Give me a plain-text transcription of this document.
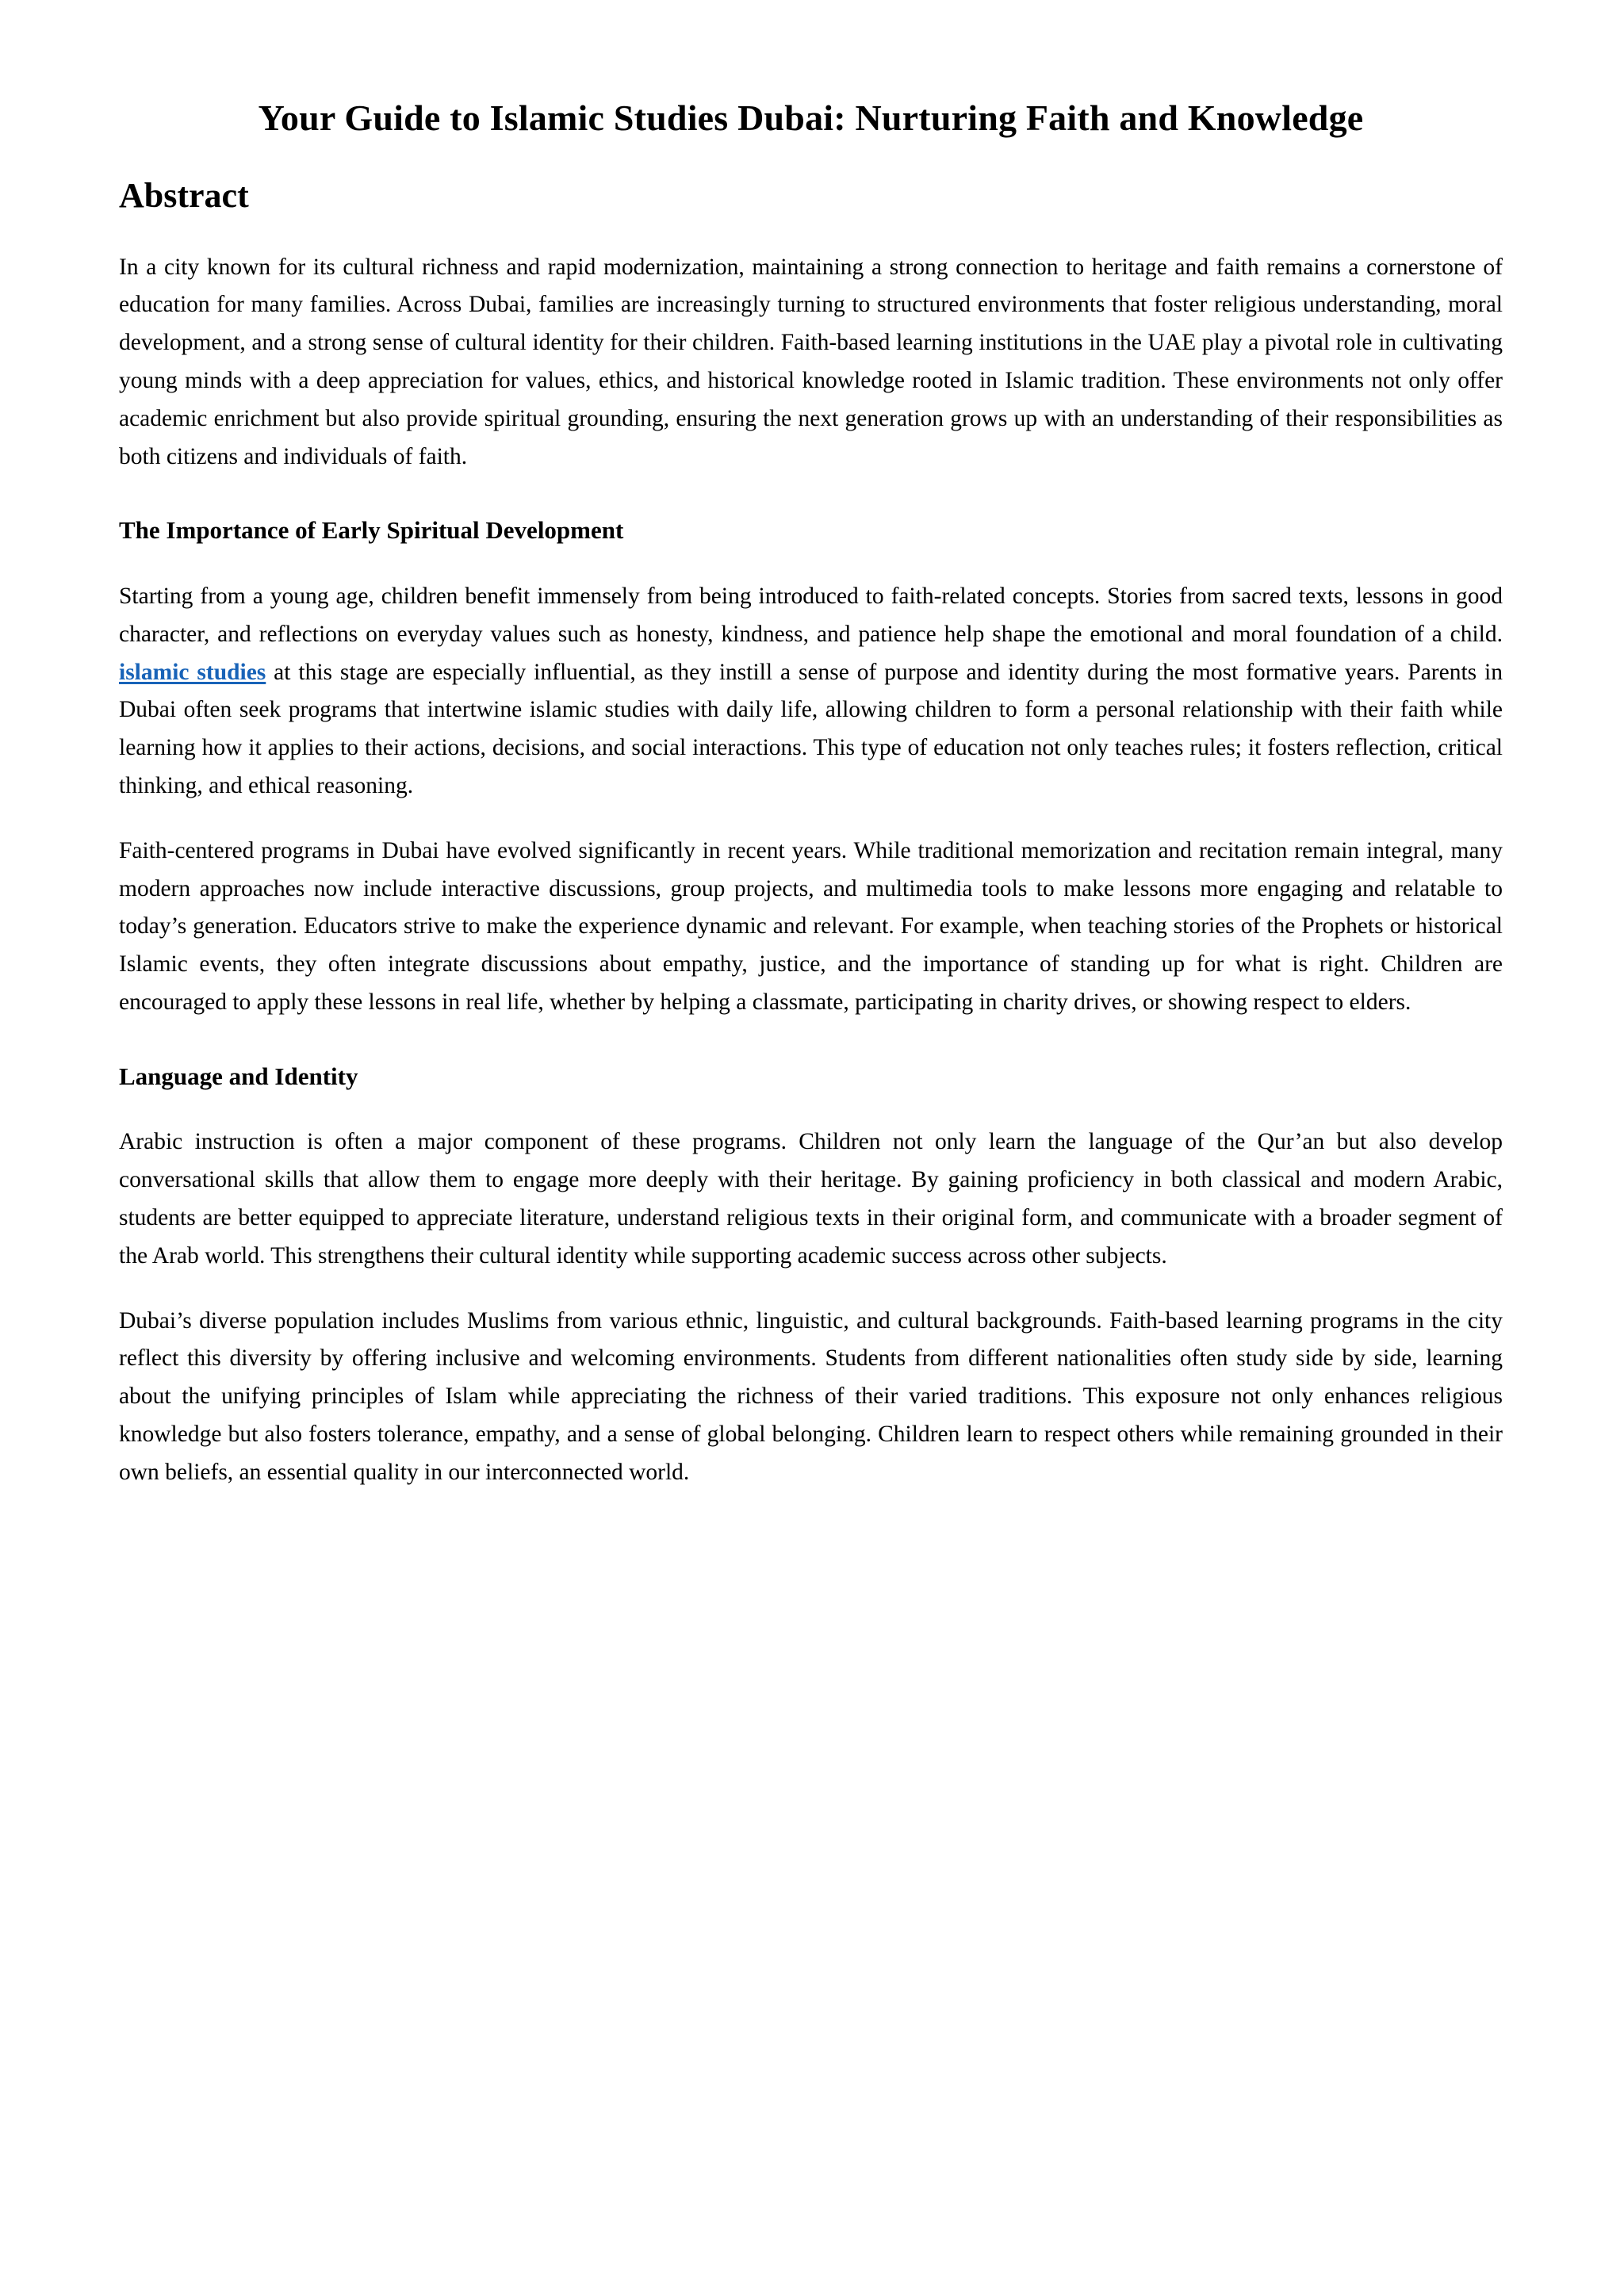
Your Guide to Islamic Studies Dubai: Nurturing Faith and Knowledge
Abstract

In a city known for its cultural richness and rapid modernization, maintaining a strong connection to heritage and faith remains a cornerstone of education for many families. Across Dubai, families are increasingly turning to structured environments that foster religious understanding, moral development, and a strong sense of cultural identity for their children. Faith-based learning institutions in the UAE play a pivotal role in cultivating young minds with a deep appreciation for values, ethics, and historical knowledge rooted in Islamic tradition. These environments not only offer academic enrichment but also provide spiritual grounding, ensuring the next generation grows up with an understanding of their responsibilities as both citizens and individuals of faith.

The Importance of Early Spiritual Development

Starting from a young age, children benefit immensely from being introduced to faith-related concepts. Stories from sacred texts, lessons in good character, and reflections on everyday values such as honesty, kindness, and patience help shape the emotional and moral foundation of a child. islamic studies at this stage are especially influential, as they instill a sense of purpose and identity during the most formative years. Parents in Dubai often seek programs that intertwine islamic studies with daily life, allowing children to form a personal relationship with their faith while learning how it applies to their actions, decisions, and social interactions. This type of education not only teaches rules; it fosters reflection, critical thinking, and ethical reasoning.

Faith-centered programs in Dubai have evolved significantly in recent years. While traditional memorization and recitation remain integral, many modern approaches now include interactive discussions, group projects, and multimedia tools to make lessons more engaging and relatable to today’s generation. Educators strive to make the experience dynamic and relevant. For example, when teaching stories of the Prophets or historical Islamic events, they often integrate discussions about empathy, justice, and the importance of standing up for what is right. Children are encouraged to apply these lessons in real life, whether by helping a classmate, participating in charity drives, or showing respect to elders.

Language and Identity

Arabic instruction is often a major component of these programs. Children not only learn the language of the Qur’an but also develop conversational skills that allow them to engage more deeply with their heritage. By gaining proficiency in both classical and modern Arabic, students are better equipped to appreciate literature, understand religious texts in their original form, and communicate with a broader segment of the Arab world. This strengthens their cultural identity while supporting academic success across other subjects.

Dubai’s diverse population includes Muslims from various ethnic, linguistic, and cultural backgrounds. Faith-based learning programs in the city reflect this diversity by offering inclusive and welcoming environments. Students from different nationalities often study side by side, learning about the unifying principles of Islam while appreciating the richness of their varied traditions. This exposure not only enhances religious knowledge but also fosters tolerance, empathy, and a sense of global belonging. Children learn to respect others while remaining grounded in their own beliefs, an essential quality in our interconnected world.
